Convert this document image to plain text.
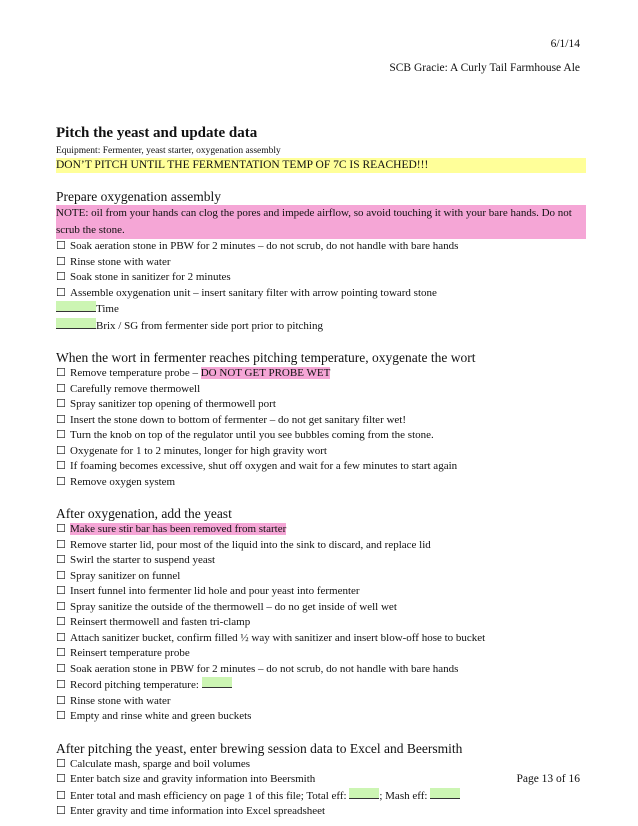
6/1/14
SCB Gracie: A Curly Tail Farmhouse Ale
Pitch the yeast and update data
Equipment: Fermenter, yeast starter, oxygenation assembly
DON’T PITCH UNTIL THE FERMENTATION TEMP OF 7C IS REACHED!!!
Prepare oxygenation assembly
NOTE: oil from your hands can clog the pores and impede airflow, so avoid touching it with your bare hands. Do not scrub the stone.
☐ Soak aeration stone in PBW for 2 minutes – do not scrub, do not handle with bare hands
☐ Rinse stone with water
☐ Soak stone in sanitizer for 2 minutes
☐ Assemble oxygenation unit – insert sanitary filter with arrow pointing toward stone
Time
Brix / SG from fermenter side port prior to pitching
When the wort in fermenter reaches pitching temperature, oxygenate the wort
☐ Remove temperature probe – DO NOT GET PROBE WET
☐ Carefully remove thermowell
☐ Spray sanitizer top opening of thermowell port
☐ Insert the stone down to bottom of fermenter – do not get sanitary filter wet!
☐ Turn the knob on top of the regulator until you see bubbles coming from the stone.
☐ Oxygenate for 1 to 2 minutes, longer for high gravity wort
☐ If foaming becomes excessive, shut off oxygen and wait for a few minutes to start again
☐ Remove oxygen system
After oxygenation, add the yeast
☐ Make sure stir bar has been removed from starter
☐ Remove starter lid, pour most of the liquid into the sink to discard, and replace lid
☐ Swirl the starter to suspend yeast
☐ Spray sanitizer on funnel
☐ Insert funnel into fermenter lid hole and pour yeast into fermenter
☐ Spray sanitize the outside of the thermowell – do no get inside of well wet
☐ Reinsert thermowell and fasten tri-clamp
☐ Attach sanitizer bucket, confirm filled ½ way with sanitizer and insert blow-off hose to bucket
☐ Reinsert temperature probe
☐ Soak aeration stone in PBW for 2 minutes – do not scrub, do not handle with bare hands
☐ Record pitching temperature:
☐ Rinse stone with water
☐ Empty and rinse white and green buckets
After pitching the yeast, enter brewing session data to Excel and Beersmith
☐ Calculate mash, sparge and boil volumes
☐ Enter batch size and gravity information into Beersmith
☐ Enter total and mash efficiency on page 1 of this file; Total eff:	; Mash eff:
☐ Enter gravity and time information into Excel spreadsheet
Page 13 of 16
